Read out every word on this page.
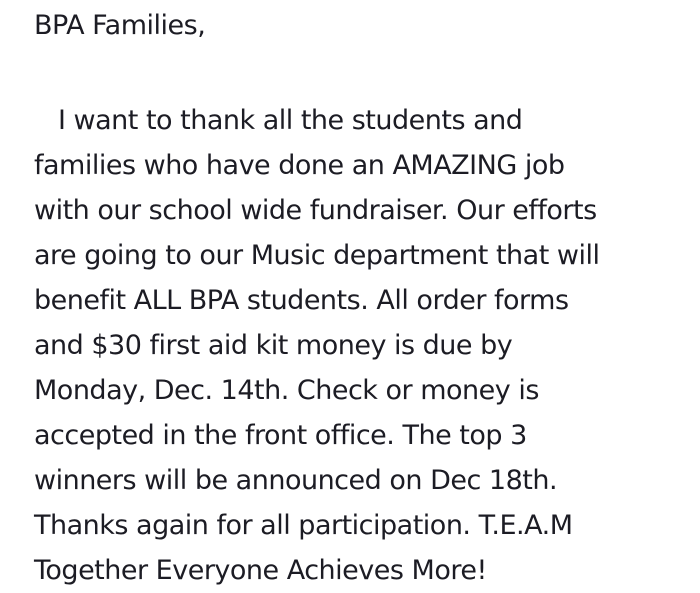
BPA Families,

I want to thank all the students and
families who have done an AMAZING job
with our school wide fundraiser. Our efforts
are going to our Music department that will
benefit ALL BPA students. All order forms
and $30 first aid kit money is due by
Monday, Dec. 14th. Check or money is
accepted in the front office. The top 3
winners will be announced on Dec 18th.
Thanks again for all participation. T.E.A.M
Together Everyone Achieves More!
